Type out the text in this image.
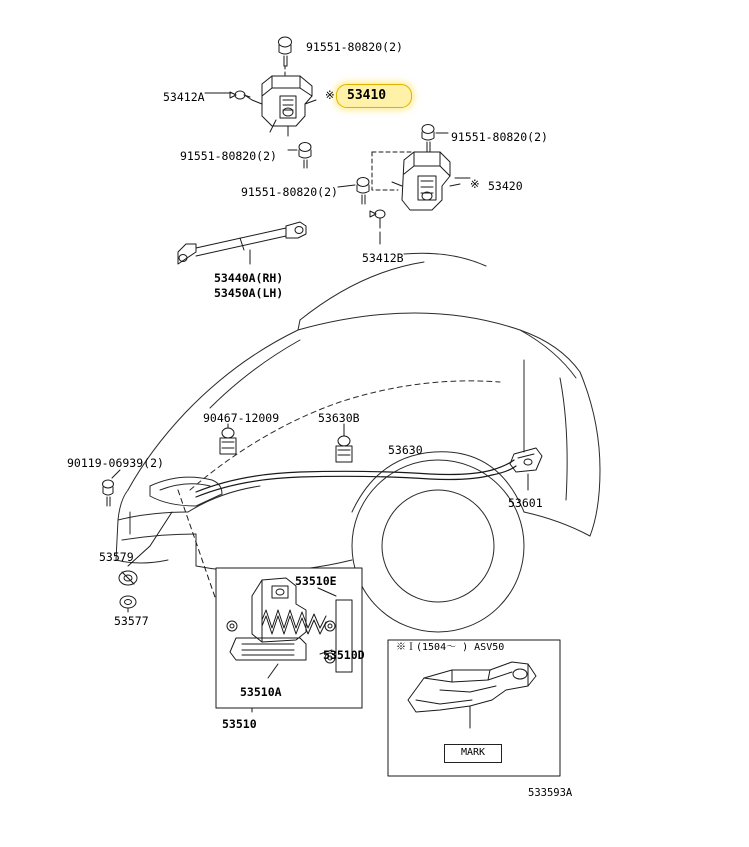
53410
91551-80820(2)
53412A	※
91551-80820(2)
91551-80820(2)
91551-80820(2)
※ 53420
53412B
53440A(RH)
53450A(LH)
90467-12009	53630B
53630
90119-06939(2)
53601
53579
53577
53510E
53510D
53510A
53510
※Ｉ(1504～ ) ASV50
MARK
533593A
